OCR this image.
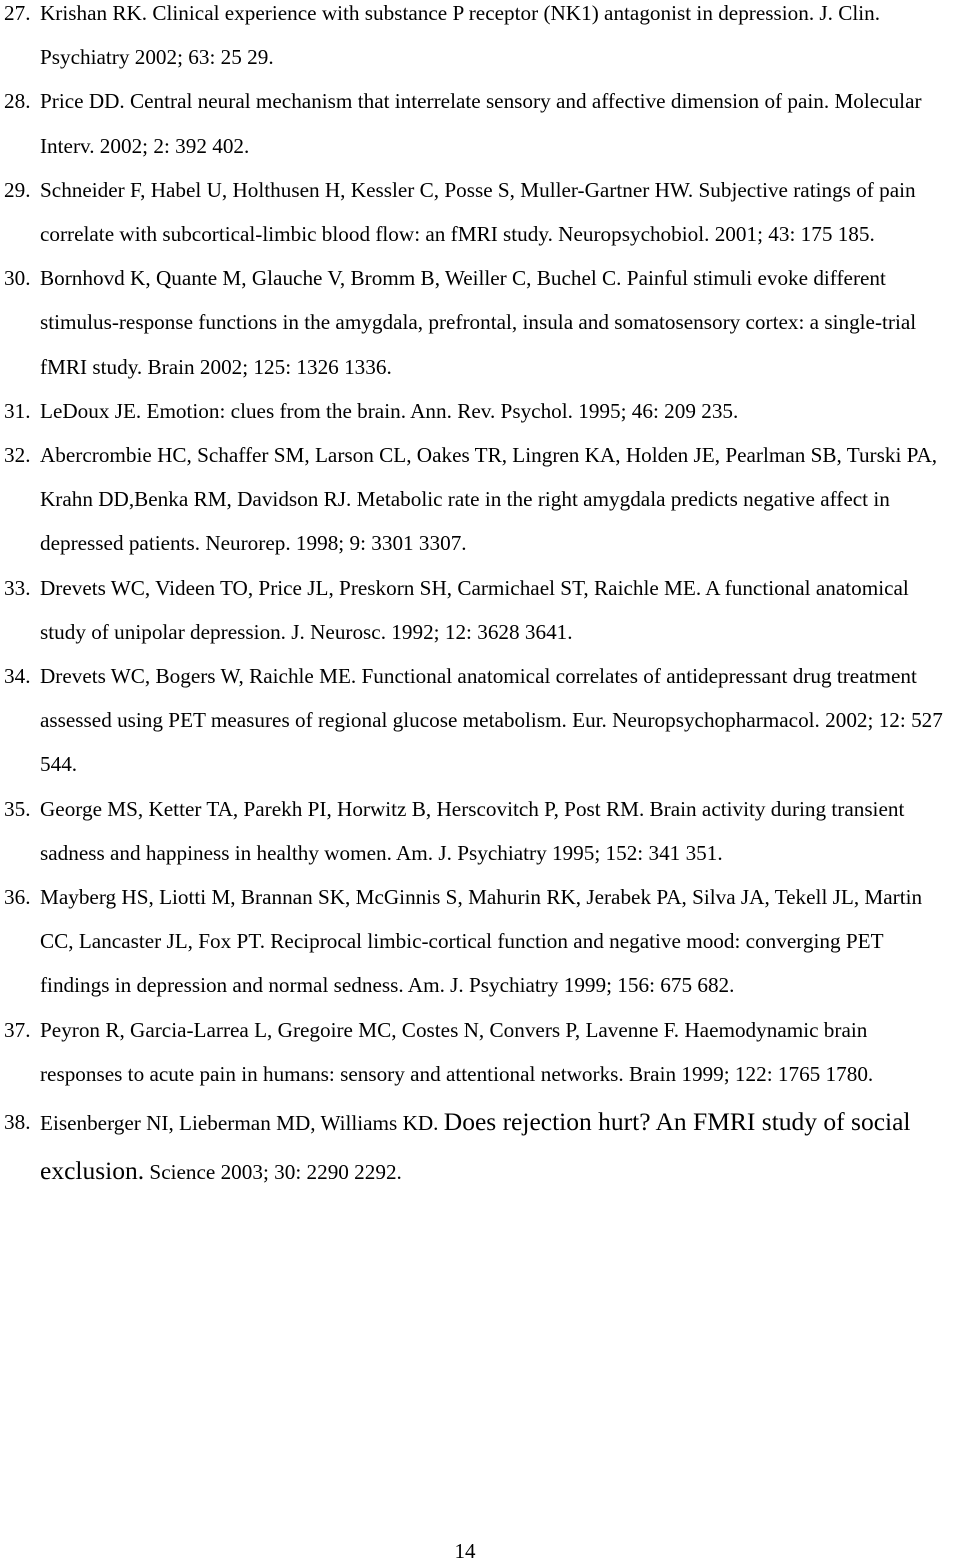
27. Krishan RK. Clinical experience with substance P receptor (NK1) antagonist in depression. J. Clin. Psychiatry 2002; 63: 25 29.
28. Price DD. Central neural mechanism that interrelate sensory and affective dimension of pain. Molecular Interv. 2002; 2: 392 402.
29. Schneider F, Habel U, Holthusen H, Kessler C, Posse S, Muller-Gartner HW. Subjective ratings of pain correlate with subcortical-limbic blood flow: an fMRI study. Neuropsychobiol. 2001; 43: 175 185.
30. Bornhovd K, Quante M, Glauche V, Bromm B, Weiller C, Buchel C. Painful stimuli evoke different stimulus-response functions in the amygdala, prefrontal, insula and somatosensory cortex: a single-trial fMRI study. Brain 2002; 125: 1326 1336.
31. LeDoux JE. Emotion: clues from the brain. Ann. Rev. Psychol. 1995; 46: 209 235.
32. Abercrombie HC, Schaffer SM, Larson CL, Oakes TR, Lingren KA, Holden JE, Pearlman SB, Turski PA, Krahn DD,Benka RM, Davidson RJ. Metabolic rate in the right amygdala predicts negative affect in depressed patients. Neurorep. 1998; 9: 3301 3307.
33. Drevets WC, Videen TO, Price JL, Preskorn SH, Carmichael ST, Raichle ME. A functional anatomical study of unipolar depression. J. Neurosc. 1992; 12: 3628 3641.
34. Drevets WC, Bogers W, Raichle ME. Functional anatomical correlates of antidepressant drug treatment assessed using PET measures of regional glucose metabolism. Eur. Neuropsychopharmacol. 2002; 12: 527 544.
35. George MS, Ketter TA, Parekh PI, Horwitz B, Herscovitch P, Post RM. Brain activity during transient sadness and happiness in healthy women. Am. J. Psychiatry 1995; 152: 341 351.
36. Mayberg HS, Liotti M, Brannan SK, McGinnis S, Mahurin RK, Jerabek PA, Silva JA, Tekell JL, Martin CC, Lancaster JL, Fox PT. Reciprocal limbic-cortical function and negative mood: converging PET findings in depression and normal sedness. Am. J. Psychiatry 1999; 156: 675 682.
37. Peyron R, Garcia-Larrea L, Gregoire MC, Costes N, Convers P, Lavenne F. Haemodynamic brain responses to acute pain in humans: sensory and attentional networks. Brain 1999; 122: 1765 1780.
38. Eisenberger NI, Lieberman MD, Williams KD. Does rejection hurt? An FMRI study of social exclusion. Science 2003; 30: 2290 2292.
14
